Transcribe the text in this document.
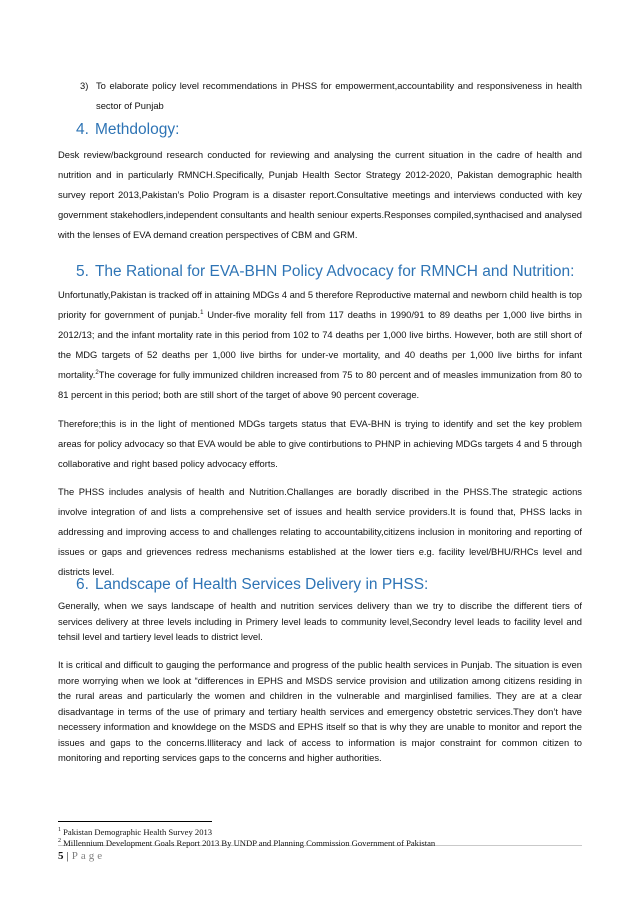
3) To elaborate policy level recommendations in PHSS for empowerment,accountability and responsiveness in health sector of Punjab
4. Methdology:

Desk review/background research conducted for reviewing and analysing the current situation in the cadre of health and nutrition and in particularly RMNCH.Specifically, Punjab Health Sector Strategy 2012-2020, Pakistan demographic health survey report 2013,Pakistan’s Polio Program is a disaster report.Consultative meetings and interviews conducted with key government stakehodlers,independent consultants and health seniour experts.Responses compiled,synthacised and analysed with the lenses of EVA demand creation perspectives of CBM and GRM.

5. The Rational for EVA-BHN Policy Advocacy for RMNCH and Nutrition:

Unfortunatly,Pakistan is tracked off in attaining MDGs 4 and 5 therefore Reproductive maternal and newborn child health is top priority for government of punjab.$^1$ Under-five morality fell from 117 deaths in 1990/91 to 89 deaths per 1,000 live births in 2012/13; and the infant mortality rate in this period from 102 to 74 deaths per 1,000 live births. However, both are still short of the MDG targets of 52 deaths per 1,000 live births for under-ve mortality, and 40 deaths per 1,000 live births for infant mortality.$^2$The coverage for fully immunized children increased from 75 to 80 percent and of measles immunization from 80 to 81 percent in this period; both are still short of the target of above 90 percent coverage.

Therefore;this is in the light of mentioned MDGs targets status that EVA-BHN is trying to identify and set the key problem areas for policy advocacy so that EVA would be able to give contirbutions to PHNP in achieving MDGs targets 4 and 5 through collaborative and right based policy advocacy efforts.

The PHSS includes analysis of health and Nutrition.Challanges are boradly discribed in the PHSS.The strategic actions involve integration of and lists a comprehensive set of issues and health service providers.It is found that, PHSS lacks in addressing and improving access to and challenges relating to accountability,citizens inclusion in monitoring and reporting of issues or gaps and grievences redress mechanisms established at the lower tiers e.g. facility level/BHU/RHCs level and districts level.

6. Landscape of Health Services Delivery in PHSS:

Generally, when we says landscape of health and nutrition services delivery than we try to discribe the different tiers of services delivery at three levels including in Primery level leads to community level,Secondry level leads to facility level and tehsil level and tartiery level leads to district level.

It is critical and difficult to gauging the performance and progress of the public health services in Punjab. The situation is even more worrying when we look at “differences in EPHS and MSDS service provision and utilization among citizens residing in the rural areas and particularly the women and children in the vulnerable and marginlised families. They are at a clear disadvantage in terms of the use of primary and tertiary health services and emergency obstetric services.They don’t have necessery information and knowldege on the MSDS and EPHS itself so that is why they are unable to monitor and report the issues and gaps to the concerns.Illiteracy and lack of access to information is major constraint for common citizen to monitoring and reporting services gaps to the concerns and higher authorities.

$^1$ Pakistan Demographic Health Survey 2013
5 | Page
$^2$ Millennium Development Goals Report 2013 By UNDP and Planning Commission Government of Pakistan
